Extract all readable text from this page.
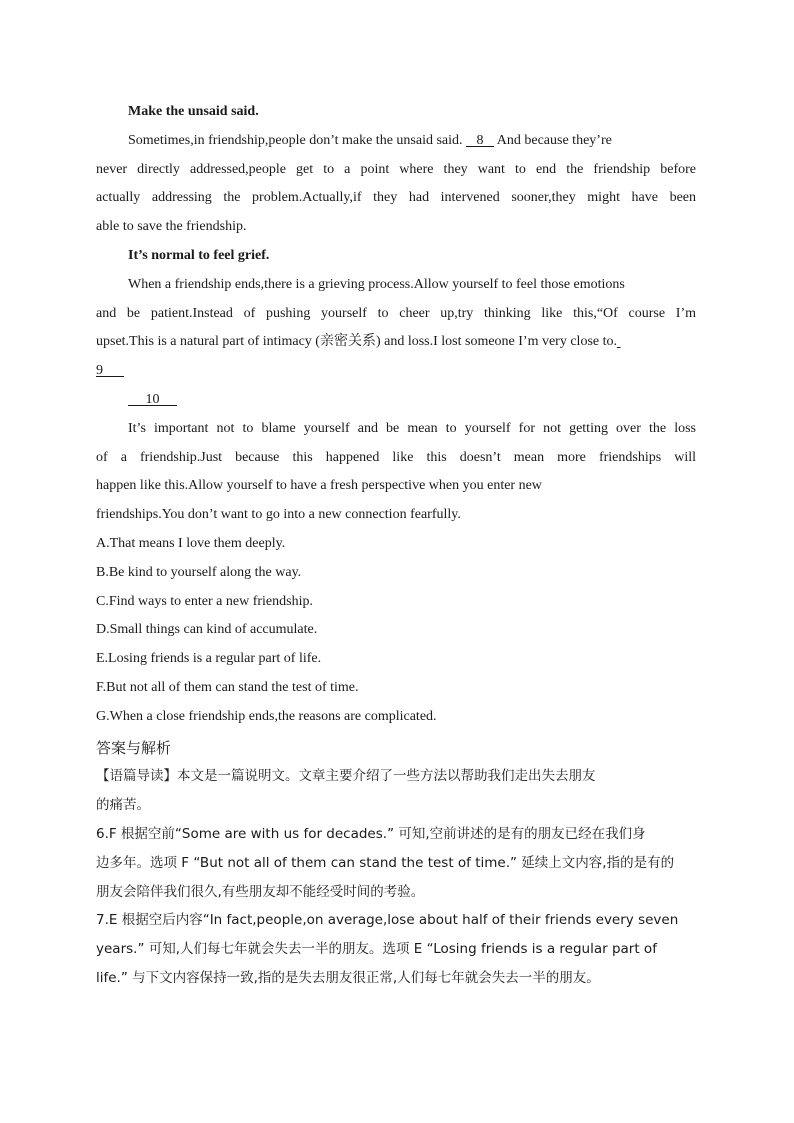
Make the unsaid said.
Sometimes,in friendship,people don’t make the unsaid said. 8    And because they’re
never directly addressed,people get to a point where they want to end the friendship before
actually addressing the problem.Actually,if they had intervened sooner,they might have been
able to save the friendship.
It’s normal to feel grief.
When a friendship ends,there is a grieving process.Allow yourself to feel those emotions
and be patient.Instead of pushing yourself to cheer up,try thinking like this,“Of course I’m
upset.This is a natural part of intimacy (亲密关系) and loss.I lost someone I’m very close to.
9
10
It’s important not to blame yourself and be mean to yourself for not getting over the loss
of a friendship.Just because this happened like this doesn’t mean more friendships will
happen like this.Allow yourself to have a fresh perspective when you enter new
friendships.You don’t want to go into a new connection fearfully.
A.That means I love them deeply.
B.Be kind to yourself along the way.
C.Find ways to enter a new friendship.
D.Small things can kind of accumulate.
E.Losing friends is a regular part of life.
F.But not all of them can stand the test of time.
G.When a close friendship ends,the reasons are complicated.
答案与解析
【语篇导读】本文是一篇说明文。文章主要介绍了一些方法以帮助我们走出失去朋友
的痛苦。
6.F 根据空前“Some are with us for decades.” 可知,空前讲述的是有的朋友已经在我们身
边多年。选项 F “But not all of them can stand the test of time.” 延续上文内容,指的是有的
朋友会陪伴我们很久,有些朋友却不能经受时间的考验。
7.E 根据空后内容“In fact,people,on average,lose about half of their friends every seven
years.” 可知,人们每七年就会失去一半的朋友。选项 E “Losing friends is a regular part of
life.” 与下文内容保持一致,指的是失去朋友很正常,人们每七年就会失去一半的朋友。
